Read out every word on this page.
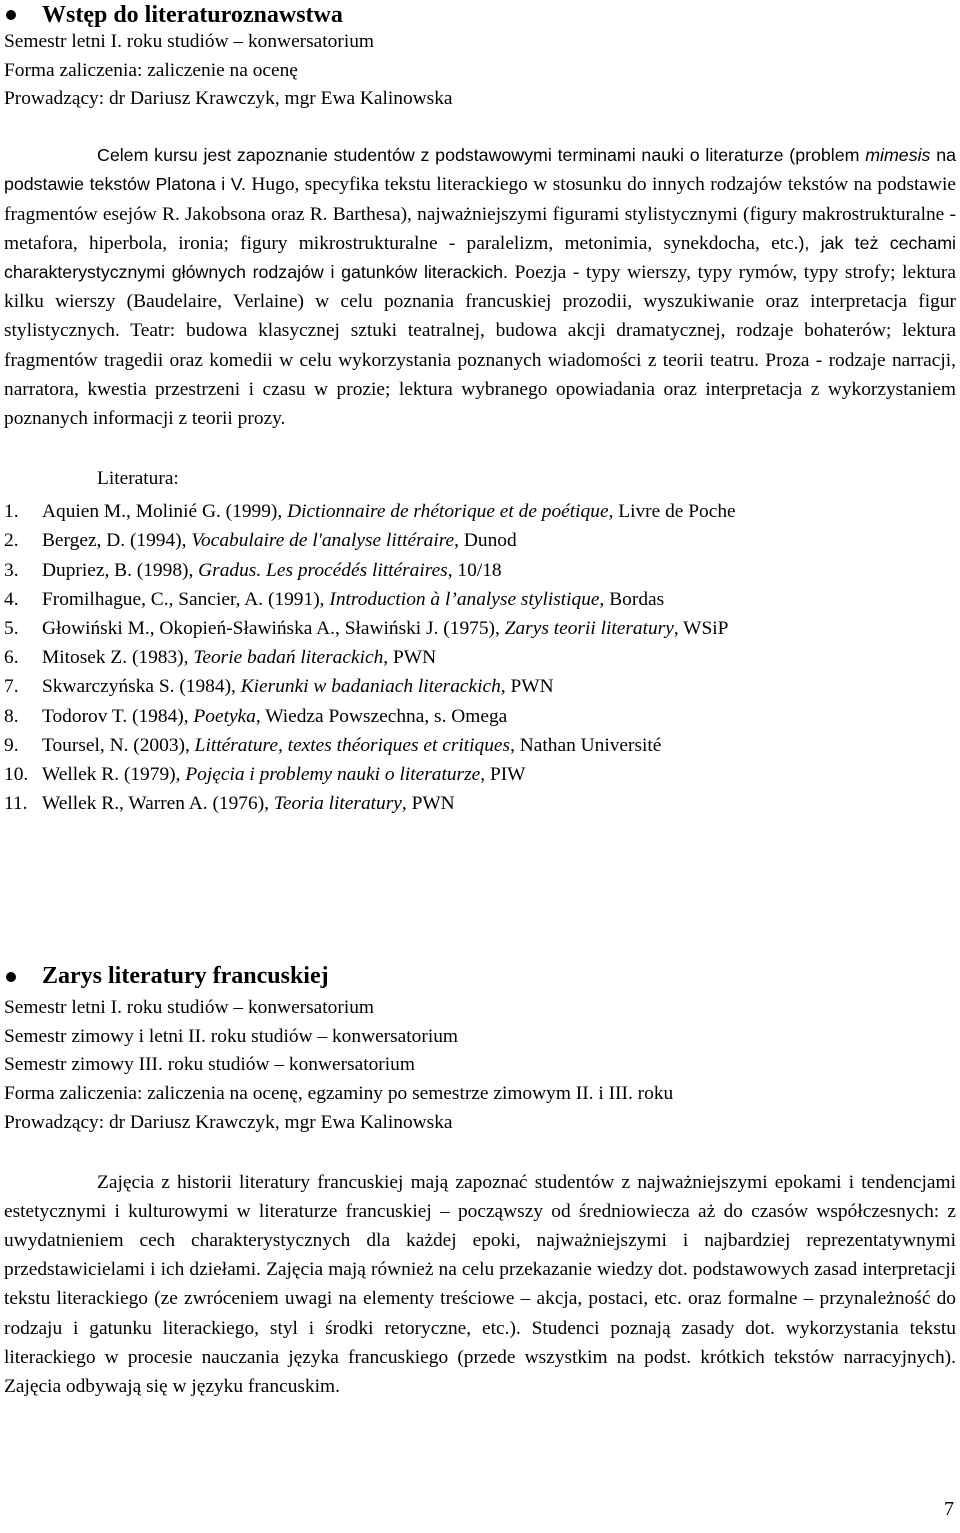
Wstęp do literaturoznawstwa

Semestr letni I. roku studiów – konwersatorium

Forma zaliczenia: zaliczenie na ocenę

Prowadzący: dr Dariusz Krawczyk, mgr Ewa Kalinowska

Celem kursu jest zapoznanie studentów z podstawowymi terminami nauki o literaturze (problem mimesis na podstawie tekstów Platona i V. Hugo, specyfika tekstu literackiego w stosunku do innych rodzajów tekstów na podstawie fragmentów esejów R. Jakobsona oraz R. Barthesa), najważniejszymi figurami stylistycznymi (figury makrostrukturalne - metafora, hiperbola, ironia; figury mikrostrukturalne - paralelizm, metonimia, synekdocha, etc.), jak też cechami charakterystycznymi głównych rodzajów i gatunków literackich. Poezja - typy wierszy, typy rymów, typy strofy; lektura kilku wierszy (Baudelaire, Verlaine) w celu poznania francuskiej prozodii, wyszukiwanie oraz interpretacja figur stylistycznych. Teatr: budowa klasycznej sztuki teatralnej, budowa akcji dramatycznej, rodzaje bohaterów; lektura fragmentów tragedii oraz komedii w celu wykorzystania poznanych wiadomości z teorii teatru. Proza - rodzaje narracji, narratora, kwestia przestrzeni i czasu w prozie; lektura wybranego opowiadania oraz interpretacja z wykorzystaniem poznanych informacji z teorii prozy.

Literatura:

1. Aquien M., Molinié G. (1999), Dictionnaire de rhétorique et de poétique, Livre de Poche
2. Bergez, D. (1994), Vocabulaire de l'analyse littéraire, Dunod
3. Dupriez, B. (1998), Gradus. Les procédés littéraires, 10/18
4. Fromilhague, C., Sancier, A. (1991), Introduction à l’analyse stylistique, Bordas
5. Głowiński M., Okopień-Sławińska A., Sławiński J. (1975), Zarys teorii literatury, WSiP
6. Mitosek Z. (1983), Teorie badań literackich, PWN
7. Skwarczyńska S. (1984), Kierunki w badaniach literackich, PWN
8. Todorov T. (1984), Poetyka, Wiedza Powszechna, s. Omega
9. Toursel, N. (2003), Littérature, textes théoriques et critiques, Nathan Université
10. Wellek R. (1979), Pojęcia i problemy nauki o literaturze, PIW
11. Wellek R., Warren A. (1976), Teoria literatury, PWN
Zarys literatury francuskiej

Semestr letni I. roku studiów – konwersatorium

Semestr zimowy i letni II. roku studiów – konwersatorium

Semestr zimowy III. roku studiów – konwersatorium

Forma zaliczenia: zaliczenia na ocenę, egzaminy po semestrze zimowym II. i III. roku

Prowadzący: dr Dariusz Krawczyk, mgr Ewa Kalinowska

Zajęcia z historii literatury francuskiej mają zapoznać studentów z najważniejszymi epokami i tendencjami estetycznymi i kulturowymi w literaturze francuskiej – począwszy od średniowiecza aż do czasów współczesnych: z uwydatnieniem cech charakterystycznych dla każdej epoki, najważniejszymi i najbardziej reprezentatywnymi przedstawicielami i ich dziełami. Zajęcia mają również na celu przekazanie wiedzy dot. podstawowych zasad interpretacji tekstu literackiego (ze zwróceniem uwagi na elementy treściowe – akcja, postaci, etc. oraz formalne – przynależność do rodzaju i gatunku literackiego, styl i środki retoryczne, etc.). Studenci poznają zasady dot. wykorzystania tekstu literackiego w procesie nauczania języka francuskiego (przede wszystkim na podst. krótkich tekstów narracyjnych). Zajęcia odbywają się w języku francuskim.

7
